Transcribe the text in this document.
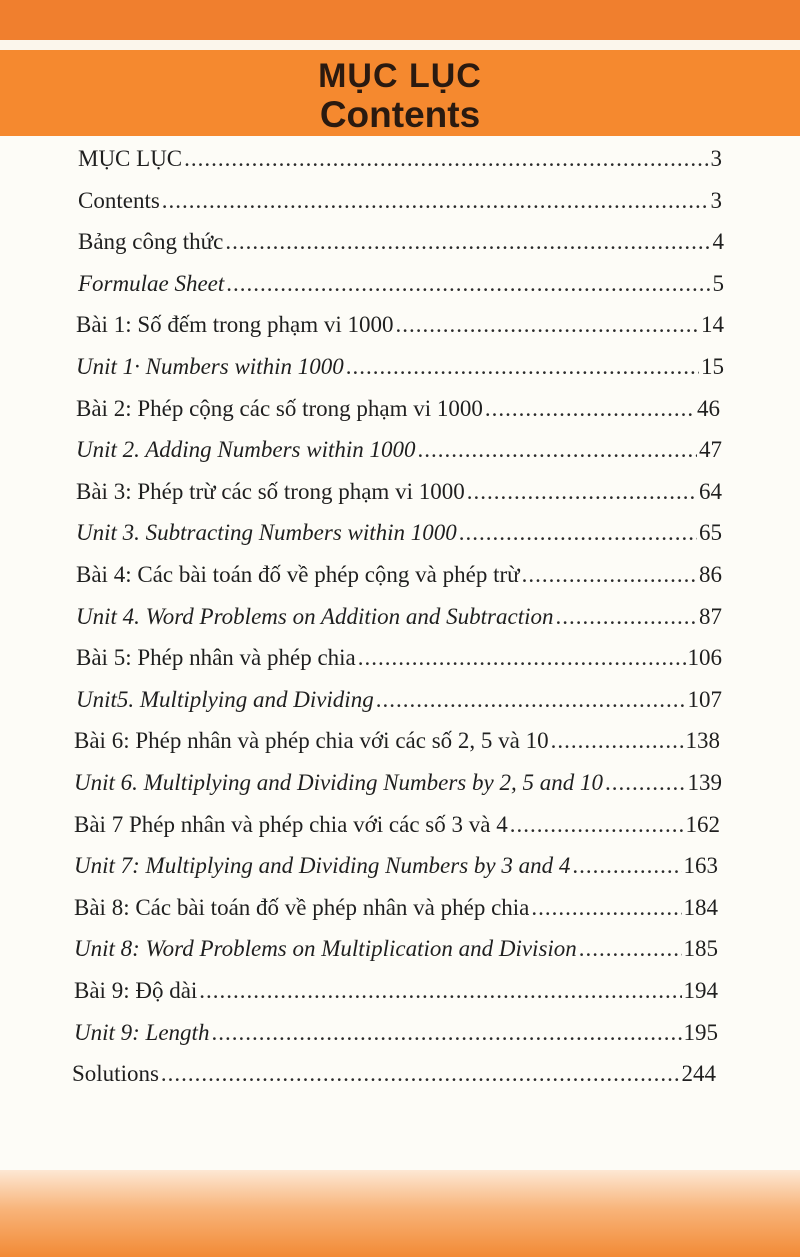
MỤC LỤC
Contents
MỤC LỤC .....	3
Contents .....	3
Bảng công thức .....	4
Formulae Sheet .....	5
Bài 1: Số đếm trong phạm vi 1000 .....	14
Unit 1· Numbers within 1000 .....	15
Bài 2: Phép cộng các số trong phạm vi 1000 .....	46
Unit 2. Adding Numbers within 1000 .....	47
Bài 3: Phép trừ các số trong phạm vi 1000 .....	64
Unit 3. Subtracting Numbers within 1000 .....	65
Bài 4: Các bài toán đố về phép cộng và phép trừ .....	86
Unit 4. Word Problems on Addition and Subtraction .....	87
Bài 5: Phép nhân và phép chia .....	106
Unit5. Multiplying and Dividing .....	107
Bài 6: Phép nhân và phép chia với các số 2, 5 và 10 .....	138
Unit 6. Multiplying and Dividing Numbers by 2, 5 and 10 .....	139
Bài 7 Phép nhân và phép chia với các số 3 và 4 .....	162
Unit 7: Multiplying and Dividing Numbers by 3 and 4 .....	163
Bài 8: Các bài toán đố về phép nhân và phép chia .....	184
Unit 8: Word Problems on Multiplication and Division .....	185
Bài 9: Độ dài .....	194
Unit 9: Length .....	195
Solutions .....	244
